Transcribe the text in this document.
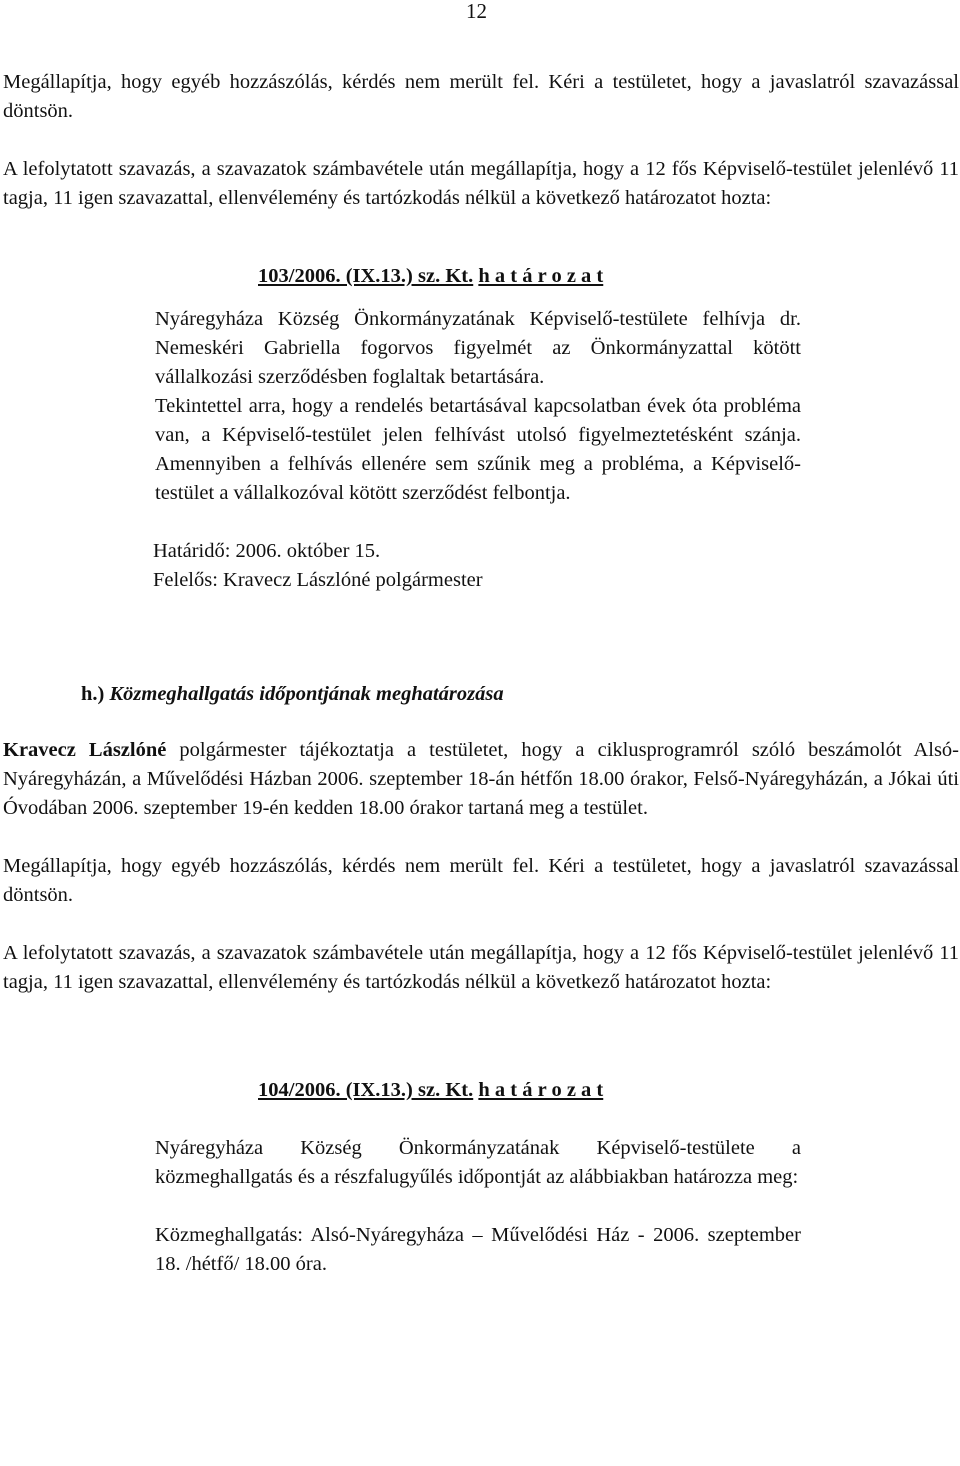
12

Megállapítja, hogy egyéb hozzászólás, kérdés nem merült fel. Kéri a testületet, hogy a javaslatról szavazással döntsön.

A lefolytatott szavazás, a szavazatok számbavétele után megállapítja, hogy a 12 fős Képviselő-testület jelenlévő 11 tagja, 11 igen szavazattal, ellenvélemény és tartózkodás nélkül a következő határozatot hozta:

103/2006. (IX.13.) sz. Kt. h a t á r o z a t

Nyáregyháza Község Önkormányzatának Képviselő-testülete felhívja dr. Nemeskéri Gabriella fogorvos figyelmét az Önkormányzattal kötött vállalkozási szerződésben foglaltak betartására.

Tekintettel arra, hogy a rendelés betartásával kapcsolatban évek óta probléma van, a Képviselő-testület jelen felhívást utolsó figyelmeztetésként szánja. Amennyiben a felhívás ellenére sem szűnik meg a probléma, a Képviselő-testület a vállalkozóval kötött szerződést felbontja.

Határidő: 2006. október 15.

Felelős: Kravecz Lászlóné polgármester

h.) Közmeghallgatás időpontjának meghatározása

Kravecz Lászlóné polgármester tájékoztatja a testületet, hogy a ciklusprogramról szóló beszámolót Alsó-Nyáregyházán, a Művelődési Házban 2006. szeptember 18-án hétfőn 18.00 órakor, Felső-Nyáregyházán, a Jókai úti Óvodában 2006. szeptember 19-én kedden 18.00 órakor tartaná meg a testület.

Megállapítja, hogy egyéb hozzászólás, kérdés nem merült fel. Kéri a testületet, hogy a javaslatról szavazással döntsön.

A lefolytatott szavazás, a szavazatok számbavétele után megállapítja, hogy a 12 fős Képviselő-testület jelenlévő 11 tagja, 11 igen szavazattal, ellenvélemény és tartózkodás nélkül a következő határozatot hozta:

104/2006. (IX.13.) sz. Kt. h a t á r o z a t

Nyáregyháza Község Önkormányzatának Képviselő-testülete a közmeghallgatás és a részfalugyűlés időpontját az alábbiakban határozza meg:

Közmeghallgatás: Alsó-Nyáregyháza – Művelődési Ház - 2006. szeptember 18. /hétfő/ 18.00 óra.
